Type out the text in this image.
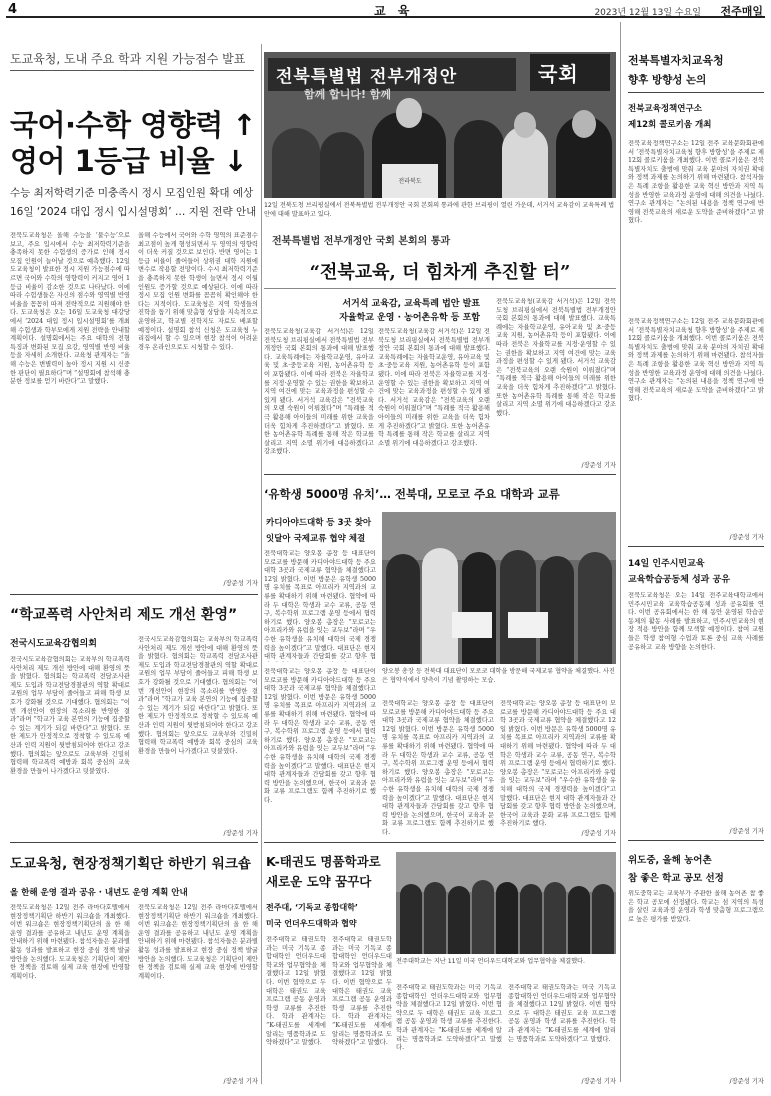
4	교 육	2023년 12월 13일 수요일 전주매일
도교육청, 도내 주요 학과 지원 가능점수 발표
국어·수학 영향력 ↑
영어 1등급 비율 ↓
수능 최저학력기준 미충족시 정시 모집인원 확대 예상
16일 ‘2024 대입 정시 입시설명회’ … 지원 전략 안내
전북도교육청은 올해 수능을 ‘불수능’으로 보고, 주요 입시에서 수능 최저학력기준을 충족하지 못한 수험생의 증가로 인해 정시 모집 인원이 늘어날 것으로 예측했다. 12일 도교육청이 발표한 정시 지원 가능점수에 따르면 국어와 수학의 영향력이 커지고 영어 1등급 비율이 감소한 것으로 나타났다. 이에 따라 수험생들은 자신의 점수와 영역별 반영 비율을 꼼꼼히 따져 전략적으로 지원해야 한다. 도교육청은 오는 16일 도교육청 대강당에서 ‘2024 대입 정시 입시설명회’를 개최해 수험생과 학부모에게 지원 전략을 안내할 계획이다. 설명회에서는 주요 대학의 전형 특징과 변화된 모집 요강, 영역별 반영 비율 등을 자세히 소개한다. 교육청 관계자는 “올해 수능은 변별력이 높아 정시 지원 시 신중한 판단이 필요하다”며 “설명회에 참석해 충분한 정보를 얻기 바란다”고 말했다.
올해 수능에서 국어와 수학 영역의 표준점수 최고점이 높게 형성되면서 두 영역의 영향력이 더욱 커질 것으로 보인다. 반면 영어는 1등급 비율이 줄어들어 상위권 대학 지원에 변수로 작용할 전망이다. 수시 최저학력기준을 충족하지 못한 학생이 늘면서 정시 이월 인원도 증가할 것으로 예상된다. 이에 따라 정시 모집 인원 변화를 꼼꼼히 확인해야 한다는 지적이다. 도교육청은 지역 학생들의 진학을 돕기 위해 맞춤형 상담을 지속적으로 운영하고, 학교별 진학지도 자료도 배포할 예정이다. 설명회 참석 신청은 도교육청 누리집에서 할 수 있으며 현장 참석이 어려운 경우 온라인으로도 시청할 수 있다.
/장준성 기자
“학교폭력 사안처리 제도 개선 환영”
전국시도교육감협의회
전국시도교육감협의회는 교육부의 학교폭력 사안처리 제도 개선 방안에 대해 환영의 뜻을 밝혔다. 협의회는 학교폭력 전담조사관 제도 도입과 학교전담경찰관의 역할 확대로 교원의 업무 부담이 줄어들고 피해 학생 보호가 강화될 것으로 기대했다. 협의회는 “이번 개선안이 현장의 목소리를 반영한 결과”라며 “학교가 교육 본연의 기능에 집중할 수 있는 계기가 되길 바란다”고 밝혔다. 또한 제도가 안정적으로 정착할 수 있도록 예산과 인력 지원이 뒷받침되어야 한다고 강조했다. 협의회는 앞으로도 교육부와 긴밀히 협력해 학교폭력 예방과 회복 중심의 교육 환경을 만들어 나가겠다고 덧붙였다.
전국시도교육감협의회는 교육부의 학교폭력 사안처리 제도 개선 방안에 대해 환영의 뜻을 밝혔다. 협의회는 학교폭력 전담조사관 제도 도입과 학교전담경찰관의 역할 확대로 교원의 업무 부담이 줄어들고 피해 학생 보호가 강화될 것으로 기대했다. 협의회는 “이번 개선안이 현장의 목소리를 반영한 결과”라며 “학교가 교육 본연의 기능에 집중할 수 있는 계기가 되길 바란다”고 밝혔다. 또한 제도가 안정적으로 정착할 수 있도록 예산과 인력 지원이 뒷받침되어야 한다고 강조했다. 협의회는 앞으로도 교육부와 긴밀히 협력해 학교폭력 예방과 회복 중심의 교육 환경을 만들어 나가겠다고 덧붙였다.
/장준성 기자
전북특별법 전부개정안	국회
함께 합니다! 함께
전라북도
12일 전북도청 브리핑실에서 전북특별법 전부개정안 국회 본회의 통과에 관한 브리핑이 열린 가운데, 서거석 교육감이 교육특례 법안에 대해 발표하고 있다.
전북특별법 전부개정안 국회 본회의 통과
“전북교육, 더 힘차게 추진할 터”
서거석 교육감, 교육특례 법안 발표
자율학교 운영 · 농어촌유학 등 포함
전북도교육청(교육감 서거석)은 12일 전북도청 브리핑실에서 전북특별법 전부개정안 국회 본회의 통과에 대해 발표했다. 교육특례에는 자율학교운영, 유아교육 및 초·중등교육 지원, 농어촌유학 등이 포함됐다. 이에 따라 전북은 자율학교를 지정·운영할 수 있는 권한을 확보하고 지역 여건에 맞는 교육과정을 편성할 수 있게 됐다. 서거석 교육감은 “전북교육의 오랜 숙원이 이뤄졌다”며 “특례를 적극 활용해 아이들의 미래를 위한 교육을 더욱 힘차게 추진하겠다”고 밝혔다. 또한 농어촌유학 특례를 통해 작은 학교를 살리고 지역 소멸 위기에 대응하겠다고 강조했다.
전북도교육청(교육감 서거석)은 12일 전북도청 브리핑실에서 전북특별법 전부개정안 국회 본회의 통과에 대해 발표했다. 교육특례에는 자율학교운영, 유아교육 및 초·중등교육 지원, 농어촌유학 등이 포함됐다. 이에 따라 전북은 자율학교를 지정·운영할 수 있는 권한을 확보하고 지역 여건에 맞는 교육과정을 편성할 수 있게 됐다. 서거석 교육감은 “전북교육의 오랜 숙원이 이뤄졌다”며 “특례를 적극 활용해 아이들의 미래를 위한 교육을 더욱 힘차게 추진하겠다”고 밝혔다. 또한 농어촌유학 특례를 통해 작은 학교를 살리고 지역 소멸 위기에 대응하겠다고 강조했다.
전북도교육청(교육감 서거석)은 12일 전북도청 브리핑실에서 전북특별법 전부개정안 국회 본회의 통과에 대해 발표했다. 교육특례에는 자율학교운영, 유아교육 및 초·중등교육 지원, 농어촌유학 등이 포함됐다. 이에 따라 전북은 자율학교를 지정·운영할 수 있는 권한을 확보하고 지역 여건에 맞는 교육과정을 편성할 수 있게 됐다. 서거석 교육감은 “전북교육의 오랜 숙원이 이뤄졌다”며 “특례를 적극 활용해 아이들의 미래를 위한 교육을 더욱 힘차게 추진하겠다”고 밝혔다. 또한 농어촌유학 특례를 통해 작은 학교를 살리고 지역 소멸 위기에 대응하겠다고 강조했다.
/장준성 기자
‘유학생 5000명 유치’… 전북대, 모로코 주요 대학과 교류
카디아야드대학 등 3곳 찾아
잇달아 국제교류 협약 체결
전북대학교는 양오봉 총장 등 대표단이 모로코를 방문해 카디아야드대학 등 주요 대학 3곳과 국제교류 협약을 체결했다고 12일 밝혔다. 이번 방문은 유학생 5000명 유치를 목표로 아프리카 지역과의 교류를 확대하기 위해 마련됐다. 협약에 따라 두 대학은 학생과 교수 교류, 공동 연구, 복수학위 프로그램 운영 등에서 협력하기로 했다. 양오봉 총장은 “모로코는 아프리카와 유럽을 잇는 교두보”라며 “우수한 유학생을 유치해 대학의 국제 경쟁력을 높이겠다”고 말했다. 대표단은 현지 대학 관계자들과 간담회를 갖고 향후 협
양오봉 총장 등 전북대 대표단이 모로코 대학을 방문해 국제교류 협약을 체결했다. 사진은 협약식에서 양측이 기념 촬영하는 모습.
전북대학교는 양오봉 총장 등 대표단이 모로코를 방문해 카디아야드대학 등 주요 대학 3곳과 국제교류 협약을 체결했다고 12일 밝혔다. 이번 방문은 유학생 5000명 유치를 목표로 아프리카 지역과의 교류를 확대하기 위해 마련됐다. 협약에 따라 두 대학은 학생과 교수 교류, 공동 연구, 복수학위 프로그램 운영 등에서 협력하기로 했다. 양오봉 총장은 “모로코는 아프리카와 유럽을 잇는 교두보”라며 “우수한 유학생을 유치해 대학의 국제 경쟁력을 높이겠다”고 말했다. 대표단은 현지 대학 관계자들과 간담회를 갖고 향후 협력 방안을 논의했으며, 한국어 교육과 문화 교류 프로그램도 함께 추진하기로 했다.
전북대학교는 양오봉 총장 등 대표단이 모로코를 방문해 카디아야드대학 등 주요 대학 3곳과 국제교류 협약을 체결했다고 12일 밝혔다. 이번 방문은 유학생 5000명 유치를 목표로 아프리카 지역과의 교류를 확대하기 위해 마련됐다. 협약에 따라 두 대학은 학생과 교수 교류, 공동 연구, 복수학위 프로그램 운영 등에서 협력하기로 했다. 양오봉 총장은 “모로코는 아프리카와 유럽을 잇는 교두보”라며 “우수한 유학생을 유치해 대학의 국제 경쟁력을 높이겠다”고 말했다. 대표단은 현지 대학 관계자들과 간담회를 갖고 향후 협력 방안을 논의했으며, 한국어 교육과 문화 교류 프로그램도 함께 추진하기로 했다.
전북대학교는 양오봉 총장 등 대표단이 모로코를 방문해 카디아야드대학 등 주요 대학 3곳과 국제교류 협약을 체결했다고 12일 밝혔다. 이번 방문은 유학생 5000명 유치를 목표로 아프리카 지역과의 교류를 확대하기 위해 마련됐다. 협약에 따라 두 대학은 학생과 교수 교류, 공동 연구, 복수학위 프로그램 운영 등에서 협력하기로 했다. 양오봉 총장은 “모로코는 아프리카와 유럽을 잇는 교두보”라며 “우수한 유학생을 유치해 대학의 국제 경쟁력을 높이겠다”고 말했다. 대표단은 현지 대학 관계자들과 간담회를 갖고 향후 협력 방안을 논의했으며, 한국어 교육과 문화 교류 프로그램도 함께 추진하기로 했다.
/장준성 기자
전북특별자치교육청
향후 방향성 논의
전북교육정책연구소
제12회 콜로키움 개최
전북교육정책연구소는 12일 전주 교육문화회관에서 ‘전북특별자치교육청 향후 방향성’을 주제로 제12회 콜로키움을 개최했다. 이번 콜로키움은 전북특별자치도 출범에 맞춰 교육 분야의 자치권 확대와 정책 과제를 논의하기 위해 마련됐다. 참석자들은 특례 조항을 활용한 교육 혁신 방안과 지역 특성을 반영한 교육과정 운영에 대해 의견을 나눴다. 연구소 관계자는 “논의된 내용을 정책 연구에 반영해 전북교육의 새로운 도약을 준비하겠다”고 밝혔다.
전북교육정책연구소는 12일 전주 교육문화회관에서 ‘전북특별자치교육청 향후 방향성’을 주제로 제12회 콜로키움을 개최했다. 이번 콜로키움은 전북특별자치도 출범에 맞춰 교육 분야의 자치권 확대와 정책 과제를 논의하기 위해 마련됐다. 참석자들은 특례 조항을 활용한 교육 혁신 방안과 지역 특성을 반영한 교육과정 운영에 대해 의견을 나눴다. 연구소 관계자는 “논의된 내용을 정책 연구에 반영해 전북교육의 새로운 도약을 준비하겠다”고 밝혔다.
/장준성 기자
14일 인주시민교육
교육학습공동체 성과 공유
전북도교육청은 오는 14일 전주교육대학교에서 민주시민교육 교육학습공동체 성과 공유회를 연다. 이번 공유회에서는 한 해 동안 운영된 학습공동체의 활동 사례를 발표하고, 민주시민교육의 현장 적용 방안을 함께 모색할 예정이다. 참여 교원들은 학생 참여형 수업과 토론 중심 교육 사례를 공유하고 교육 방향을 논의한다.
/장준성 기자
위도중, 올해 농어촌
참 좋은 학교 공모 선정
위도중학교는 교육부가 주관한 올해 농어촌 참 좋은 학교 공모에 선정됐다. 학교는 섬 지역의 특성을 살린 교육과정 운영과 학생 맞춤형 프로그램으로 높은 평가를 받았다.
/장준성 기자
도교육청, 현장정책기획단 하반기 워크숍
올 한해 운영 결과 공유 · 내년도 운영 계획 안내
전북도교육청은 12일 전주 라마다호텔에서 현장정책기획단 하반기 워크숍을 개최했다. 이번 워크숍은 현장정책기획단의 올 한 해 운영 결과를 공유하고 내년도 운영 계획을 안내하기 위해 마련됐다. 참석자들은 분과별 활동 성과를 발표하고 현장 중심 정책 발굴 방안을 논의했다. 도교육청은 기획단이 제안한 정책을 검토해 실제 교육 현장에 반영할 계획이다.
전북도교육청은 12일 전주 라마다호텔에서 현장정책기획단 하반기 워크숍을 개최했다. 이번 워크숍은 현장정책기획단의 올 한 해 운영 결과를 공유하고 내년도 운영 계획을 안내하기 위해 마련됐다. 참석자들은 분과별 활동 성과를 발표하고 현장 중심 정책 발굴 방안을 논의했다. 도교육청은 기획단이 제안한 정책을 검토해 실제 교육 현장에 반영할 계획이다.
/장준성 기자
K-태권도 명품학과로
새로운 도약 꿈꾸다
전주대, ‘기독교 종합대학’
미국 언더우드대학과 협약
전주대학교 태권도학과는 미국 기독교 종합대학인 언더우드대학교와 업무협약을 체결했다고 12일 밝혔다. 이번 협약으로 두 대학은 태권도 교육 프로그램 공동 운영과 학생 교류를 추진한다. 학과 관계자는 “K-태권도를 세계에 알리는 명품학과로 도약하겠다”고 말했다.
전주대학교 태권도학과는 미국 기독교 종합대학인 언더우드대학교와 업무협약을 체결했다고 12일 밝혔다. 이번 협약으로 두 대학은 태권도 교육 프로그램 공동 운영과 학생 교류를 추진한다. 학과 관계자는 “K-태권도를 세계에 알리는 명품학과로 도약하겠다”고 말했다.
전주대학교는 지난 11일 미국 언더우드대학교와 업무협약을 체결했다.
전주대학교 태권도학과는 미국 기독교 종합대학인 언더우드대학교와 업무협약을 체결했다고 12일 밝혔다. 이번 협약으로 두 대학은 태권도 교육 프로그램 공동 운영과 학생 교류를 추진한다. 학과 관계자는 “K-태권도를 세계에 알리는 명품학과로 도약하겠다”고 말했다.
전주대학교 태권도학과는 미국 기독교 종합대학인 언더우드대학교와 업무협약을 체결했다고 12일 밝혔다. 이번 협약으로 두 대학은 태권도 교육 프로그램 공동 운영과 학생 교류를 추진한다. 학과 관계자는 “K-태권도를 세계에 알리는 명품학과로 도약하겠다”고 말했다.
/장준성 기자
